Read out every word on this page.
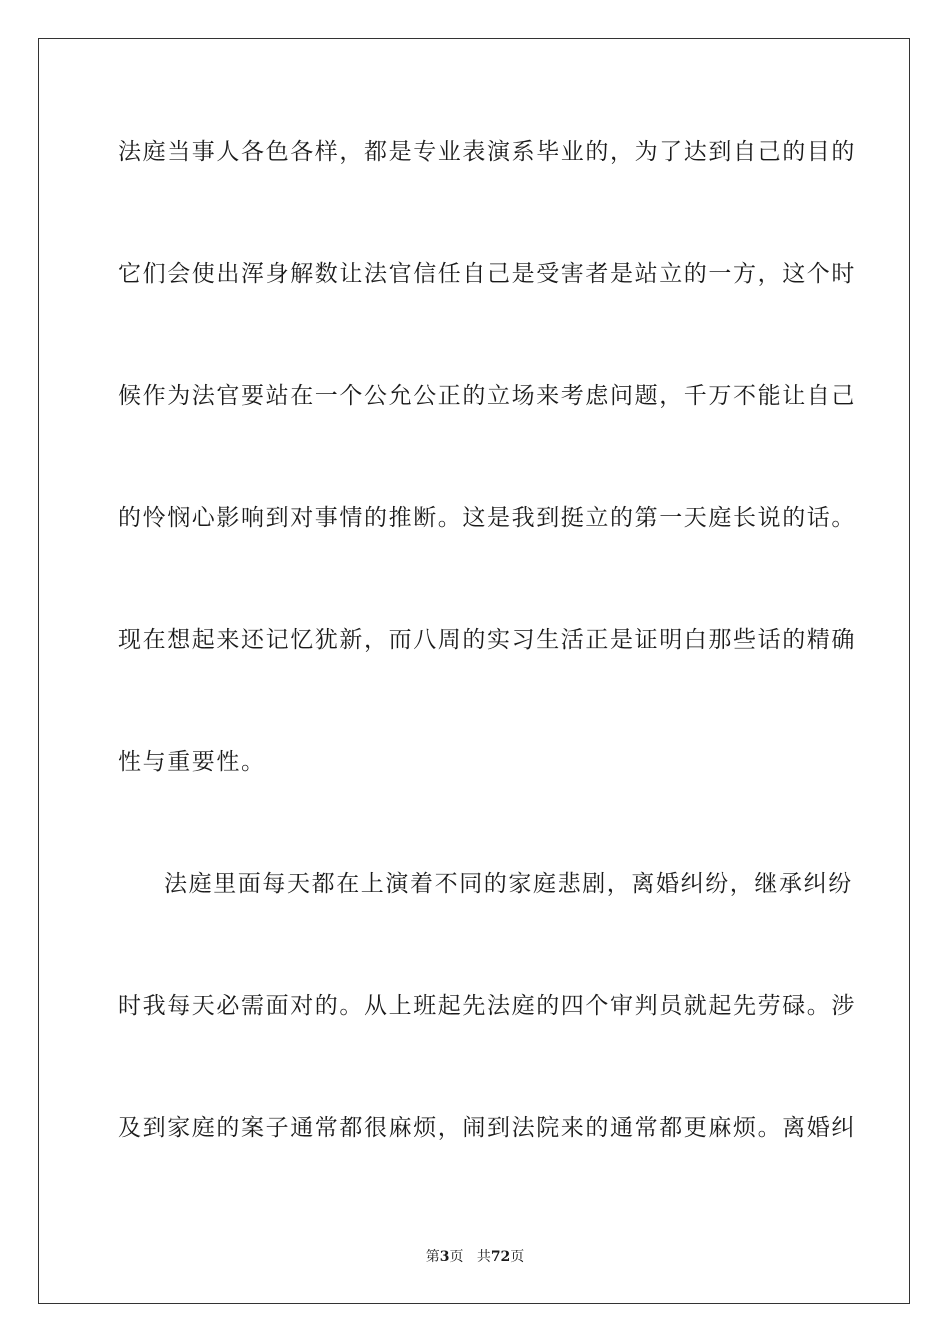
法庭当事人各色各样，都是专业表演系毕业的，为了达到自己的目的
它们会使出浑身解数让法官信任自己是受害者是站立的一方，这个时
候作为法官要站在一个公允公正的立场来考虑问题，千万不能让自己
的怜悯心影响到对事情的推断。这是我到挺立的第一天庭长说的话。
现在想起来还记忆犹新，而八周的实习生活正是证明白那些话的精确
性与重要性。
法庭里面每天都在上演着不同的家庭悲剧，离婚纠纷，继承纠纷
时我每天必需面对的。从上班起先法庭的四个审判员就起先劳碌。涉
及到家庭的案子通常都很麻烦，闹到法院来的通常都更麻烦。离婚纠
第3页 共72页
